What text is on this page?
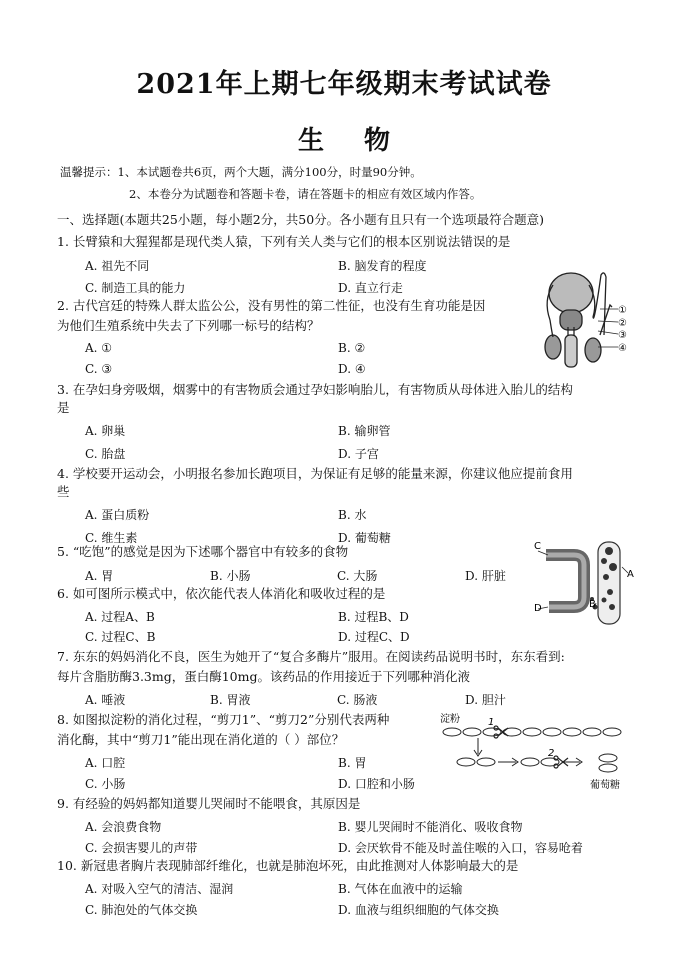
2021年上期七年级期末考试试卷
生物
温馨提示：1、本试题卷共6页，两个大题，满分100分，时量90分钟。
2、本卷分为试题卷和答题卡卷，请在答题卡的相应有效区域内作答。
一、选择题(本题共25小题，每小题2分，共50分。各小题有且只有一个选项最符合题意)
1. 长臂猿和大猩猩都是现代类人猿，下列有关人类与它们的根本区别说法错误的是
A. 祖先不同	B. 脑发育的程度
C. 制造工具的能力	D. 直立行走
2. 古代宫廷的特殊人群太监公公，没有男性的第二性征，也没有生育功能是因
为他们生殖系统中失去了下列哪一标号的结构？
A. ①	B. ②
C. ③	D. ④
3. 在孕妇身旁吸烟，烟雾中的有害物质会通过孕妇影响胎儿，有害物质从母体进入胎儿的结构
是
A. 卵巢	B. 输卵管
C. 胎盘	D. 子宫
4. 学校要开运动会，小明报名参加长跑项目，为保证有足够的能量来源，你建议他应提前食用
些
A. 蛋白质粉	B. 水
C. 维生素	D. 葡萄糖
5. “吃饱”的感觉是因为下述哪个器官中有较多的食物
A. 胃	B. 小肠	C. 大肠	D. 肝脏
6. 如可图所示模式中，依次能代表人体消化和吸收过程的是
A. 过程A、B	B. 过程B、D
C. 过程C、B	D. 过程C、D
7. 东东的妈妈消化不良，医生为她开了“复合多酶片”服用。在阅读药品说明书时，东东看到:
每片含脂肪酶3.3mg，蛋白酶10mg。该药品的作用接近于下列哪种消化液
A. 唾液	B. 胃液	C. 肠液	D. 胆汁
8. 如图拟淀粉的消化过程，“剪刀1”、“剪刀2”分别代表两种
消化酶，其中“剪刀1”能出现在消化道的（ ）部位？
A. 口腔	B. 胃
C. 小肠	D. 口腔和小肠
9. 有经验的妈妈都知道婴儿哭闹时不能喂食，其原因是
A. 会浪费食物	B. 婴儿哭闹时不能消化、吸收食物
C. 会损害婴儿的声带	D. 会厌软骨不能及时盖住喉的入口，容易呛着
10. 新冠患者胸片表现肺部纤维化，也就是肺泡坏死，由此推测对人体影响最大的是
A. 对吸入空气的清洁、湿润	B. 气体在血液中的运输
C. 肺泡处的气体交换	D. 血液与组织细胞的气体交换
①
②
③
④
C
A
D	B
淀粉	1
2
葡萄糖
